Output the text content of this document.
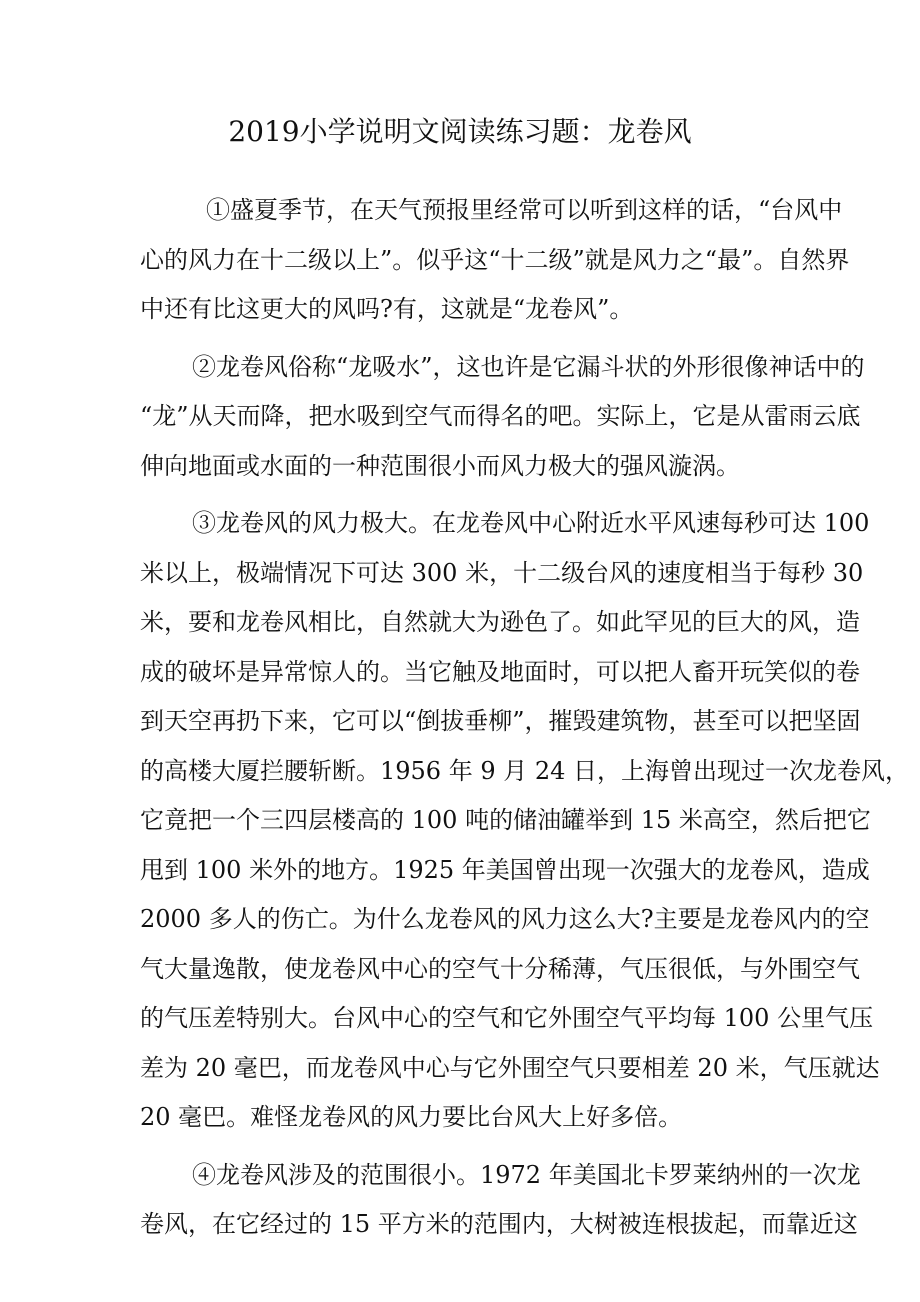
2019小学说明文阅读练习题：龙卷风
①盛夏季节，在天气预报里经常可以听到这样的话，“台风中
心的风力在十二级以上”。似乎这“十二级”就是风力之“最”。自然界
中还有比这更大的风吗?有，这就是“龙卷风”。
②龙卷风俗称“龙吸水”，这也许是它漏斗状的外形很像神话中的
“龙”从天而降，把水吸到空气而得名的吧。实际上，它是从雷雨云底
伸向地面或水面的一种范围很小而风力极大的强风漩涡。
③龙卷风的风力极大。在龙卷风中心附近水平风速每秒可达 100
米以上，极端情况下可达 300 米，十二级台风的速度相当于每秒 30
米，要和龙卷风相比，自然就大为逊色了。如此罕见的巨大的风，造
成的破坏是异常惊人的。当它触及地面时，可以把人畜开玩笑似的卷
到天空再扔下来，它可以“倒拔垂柳”，摧毁建筑物，甚至可以把坚固
的高楼大厦拦腰斩断。1956 年 9 月 24 日，上海曾出现过一次龙卷风，
它竟把一个三四层楼高的 100 吨的储油罐举到 15 米高空，然后把它
甩到 100 米外的地方。1925 年美国曾出现一次强大的龙卷风，造成
2000 多人的伤亡。为什么龙卷风的风力这么大?主要是龙卷风内的空
气大量逸散，使龙卷风中心的空气十分稀薄，气压很低，与外围空气
的气压差特别大。台风中心的空气和它外围空气平均每 100 公里气压
差为 20 毫巴，而龙卷风中心与它外围空气只要相差 20 米，气压就达
20 毫巴。难怪龙卷风的风力要比台风大上好多倍。
④龙卷风涉及的范围很小。1972 年美国北卡罗莱纳州的一次龙
卷风，在它经过的 15 平方米的范围内，大树被连根拔起，而靠近这
